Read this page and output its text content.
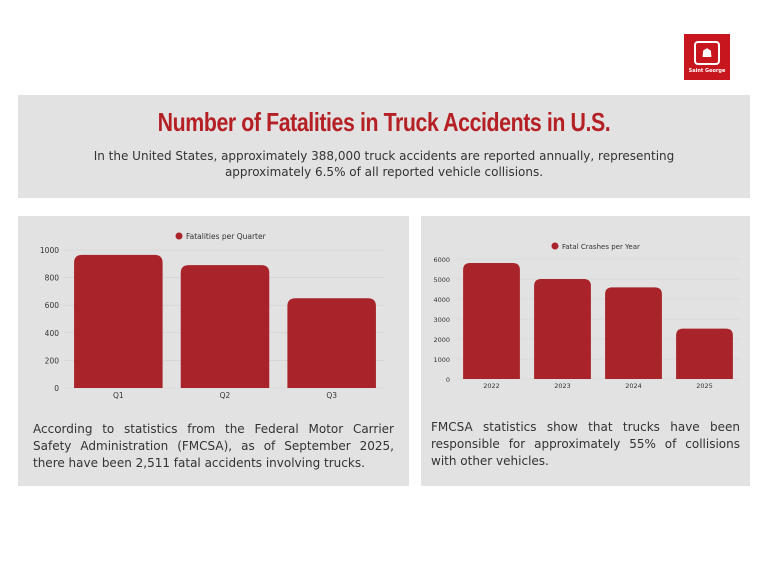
☗
Saint George
Number of Fatalities in Truck Accidents in U.S.
In the United States, approximately 388,000 truck accidents are reported annually, representing approximately 6.5% of all reported vehicle collisions.
Fatalities per Quarter
0
200
400
600
800
1000
Q1	Q2	Q3
According to statistics from the Federal Motor Carrier Safety Administration (FMCSA), as of September 2025, there have been 2,511 fatal accidents involving trucks.
Fatal Crashes per Year
0
1000
2000
3000
4000
5000
6000
2022	2023	2024	2025
FMCSA statistics show that trucks have been responsible for approximately 55% of collisions with other vehicles.
